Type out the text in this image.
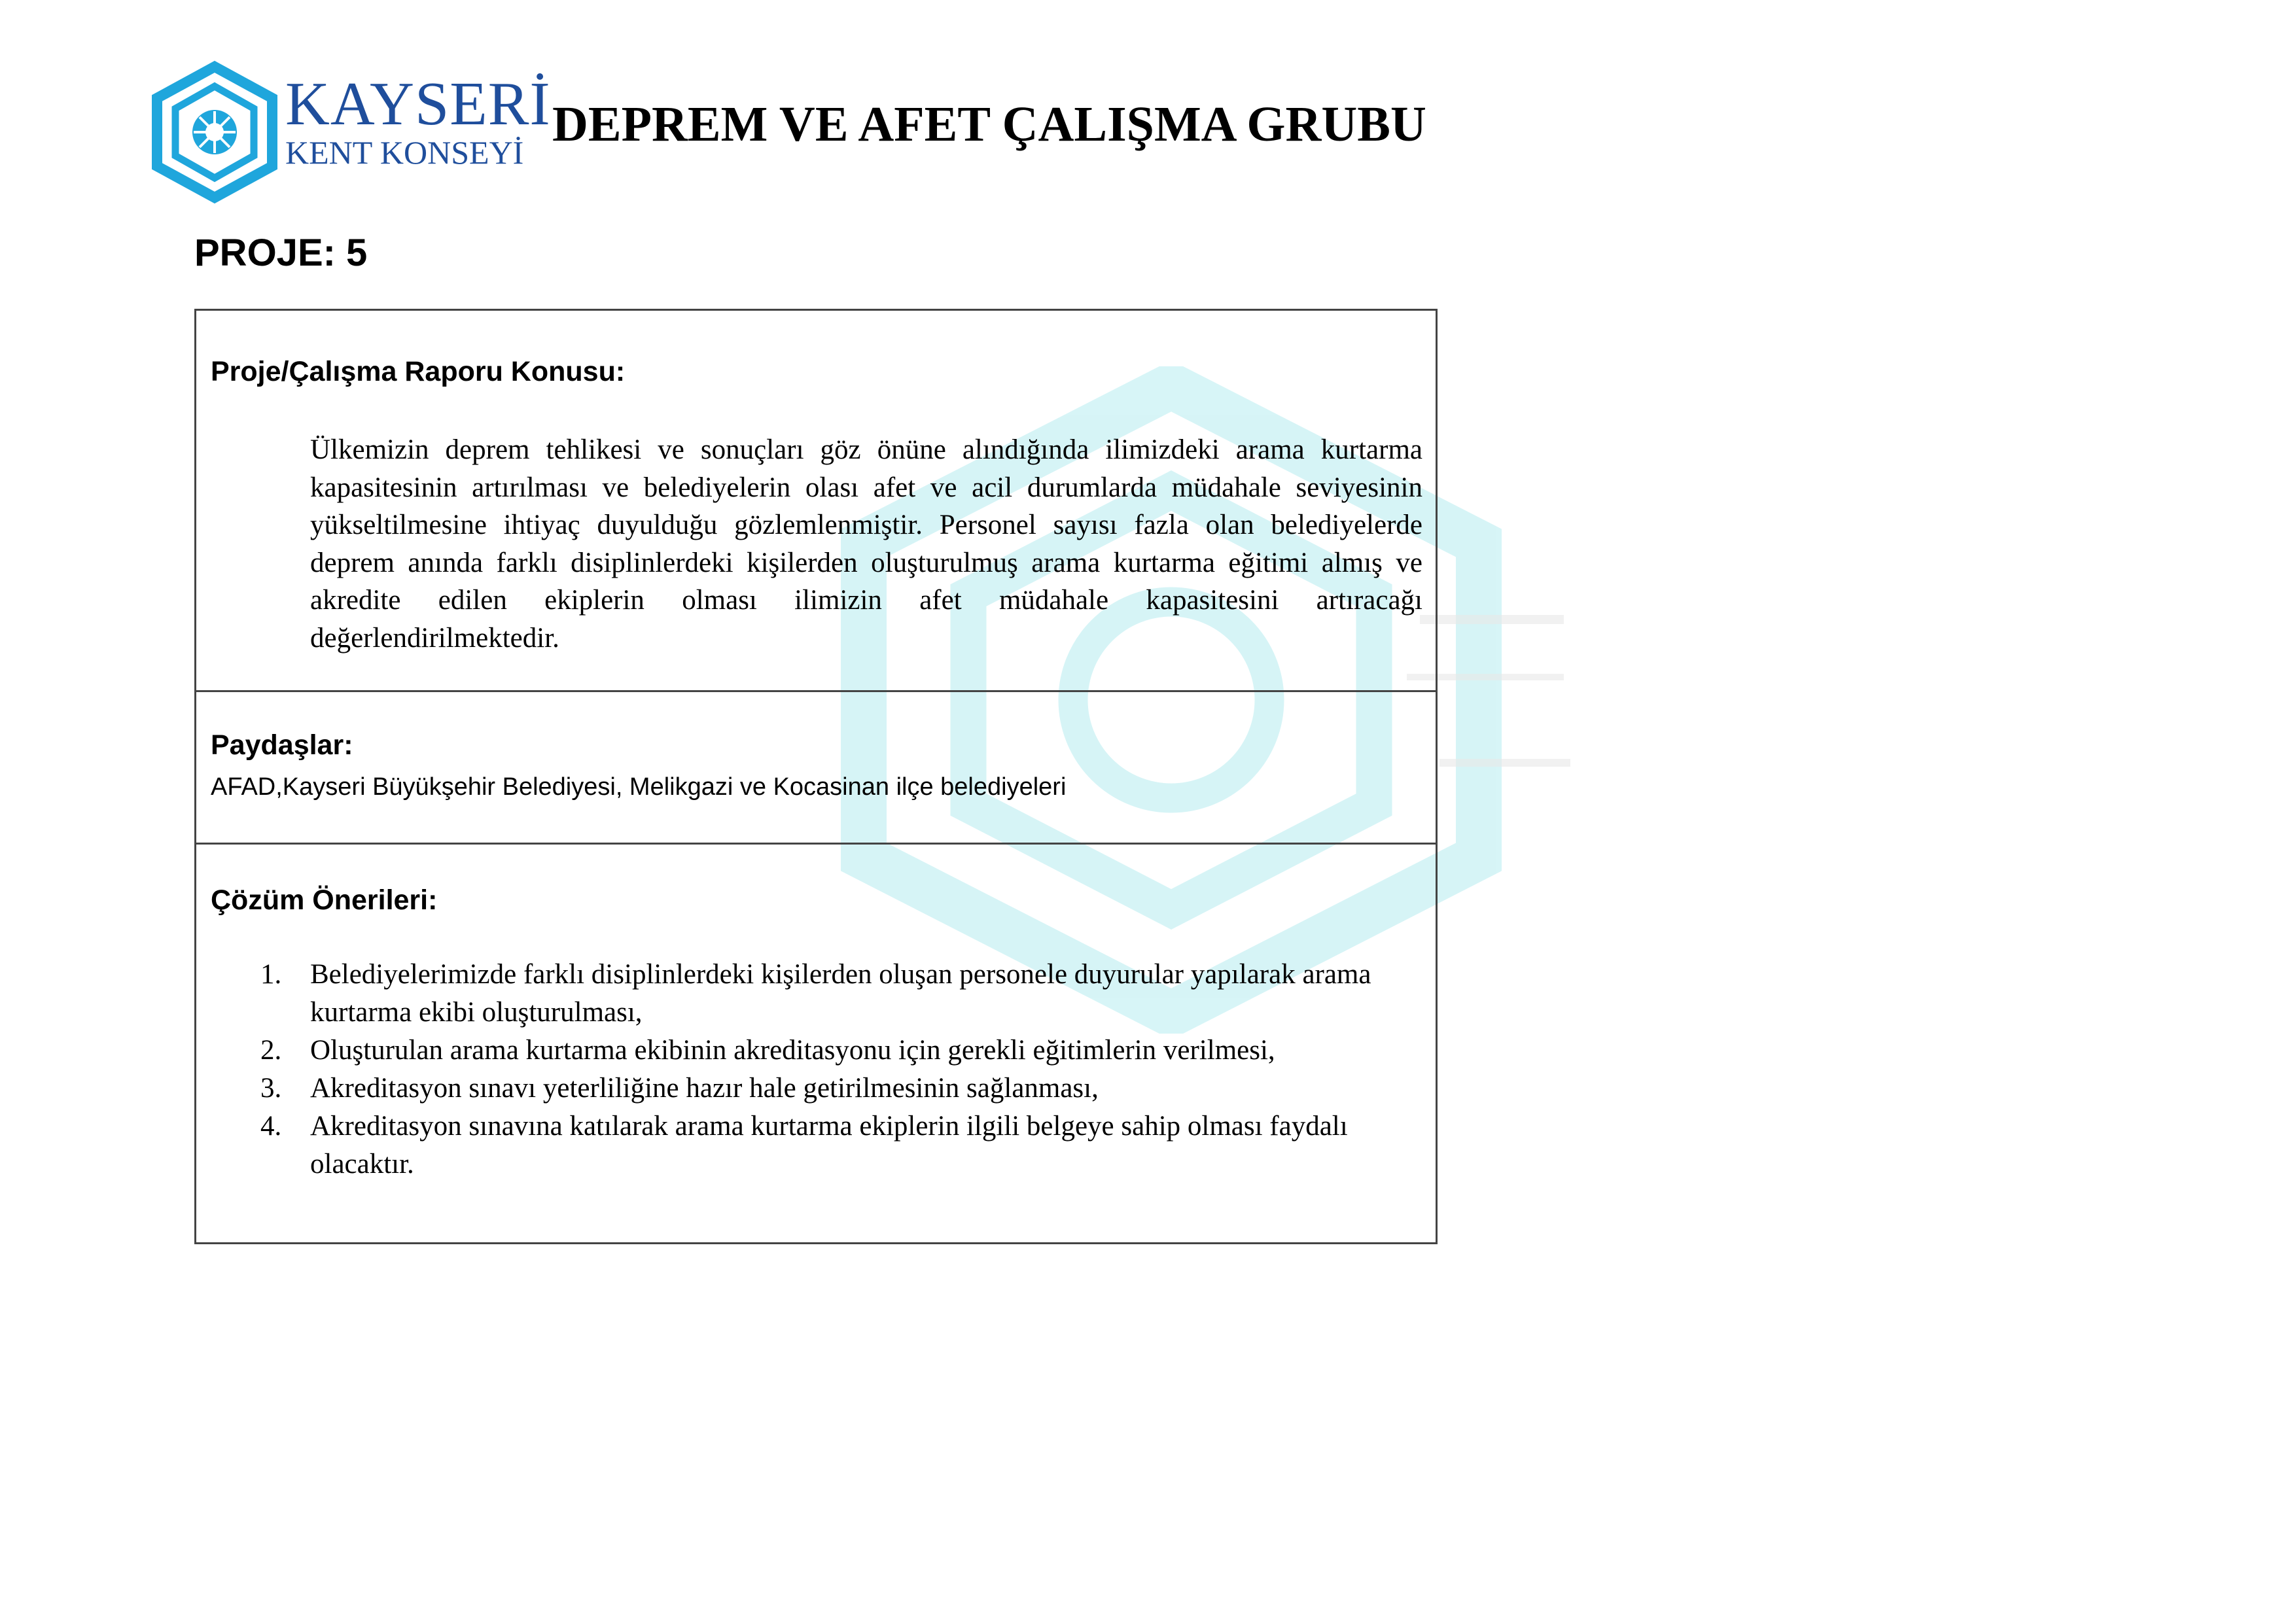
KAYSERİ
KENT KONSEYİ
DEPREM VE AFET ÇALIŞMA GRUBU
PROJE: 5
Proje/Çalışma Raporu Konusu:
Ülkemizin deprem tehlikesi ve sonuçları göz önüne alındığında ilimizdeki arama kurtarma kapasitesinin artırılması ve belediyelerin olası afet ve acil durumlarda müdahale seviyesinin yükseltilmesine ihtiyaç duyulduğu gözlemlenmiştir. Personel sayısı fazla olan belediyelerde deprem anında farklı disiplinlerdeki kişilerden oluşturulmuş arama kurtarma eğitimi almış ve akredite edilen ekiplerin olması ilimizin afet müdahale kapasitesini artıracağı değerlendirilmektedir.
Paydaşlar:
AFAD,Kayseri Büyükşehir Belediyesi, Melikgazi ve Kocasinan ilçe belediyeleri
Çözüm Önerileri:
1. Belediyelerimizde farklı disiplinlerdeki kişilerden oluşan personele duyurular yapılarak arama kurtarma ekibi oluşturulması,
2. Oluşturulan arama kurtarma ekibinin akreditasyonu için gerekli eğitimlerin verilmesi,
3. Akreditasyon sınavı yeterliliğine hazır hale getirilmesinin sağlanması,
4. Akreditasyon sınavına katılarak arama kurtarma ekiplerin ilgili belgeye sahip olması faydalı olacaktır.
